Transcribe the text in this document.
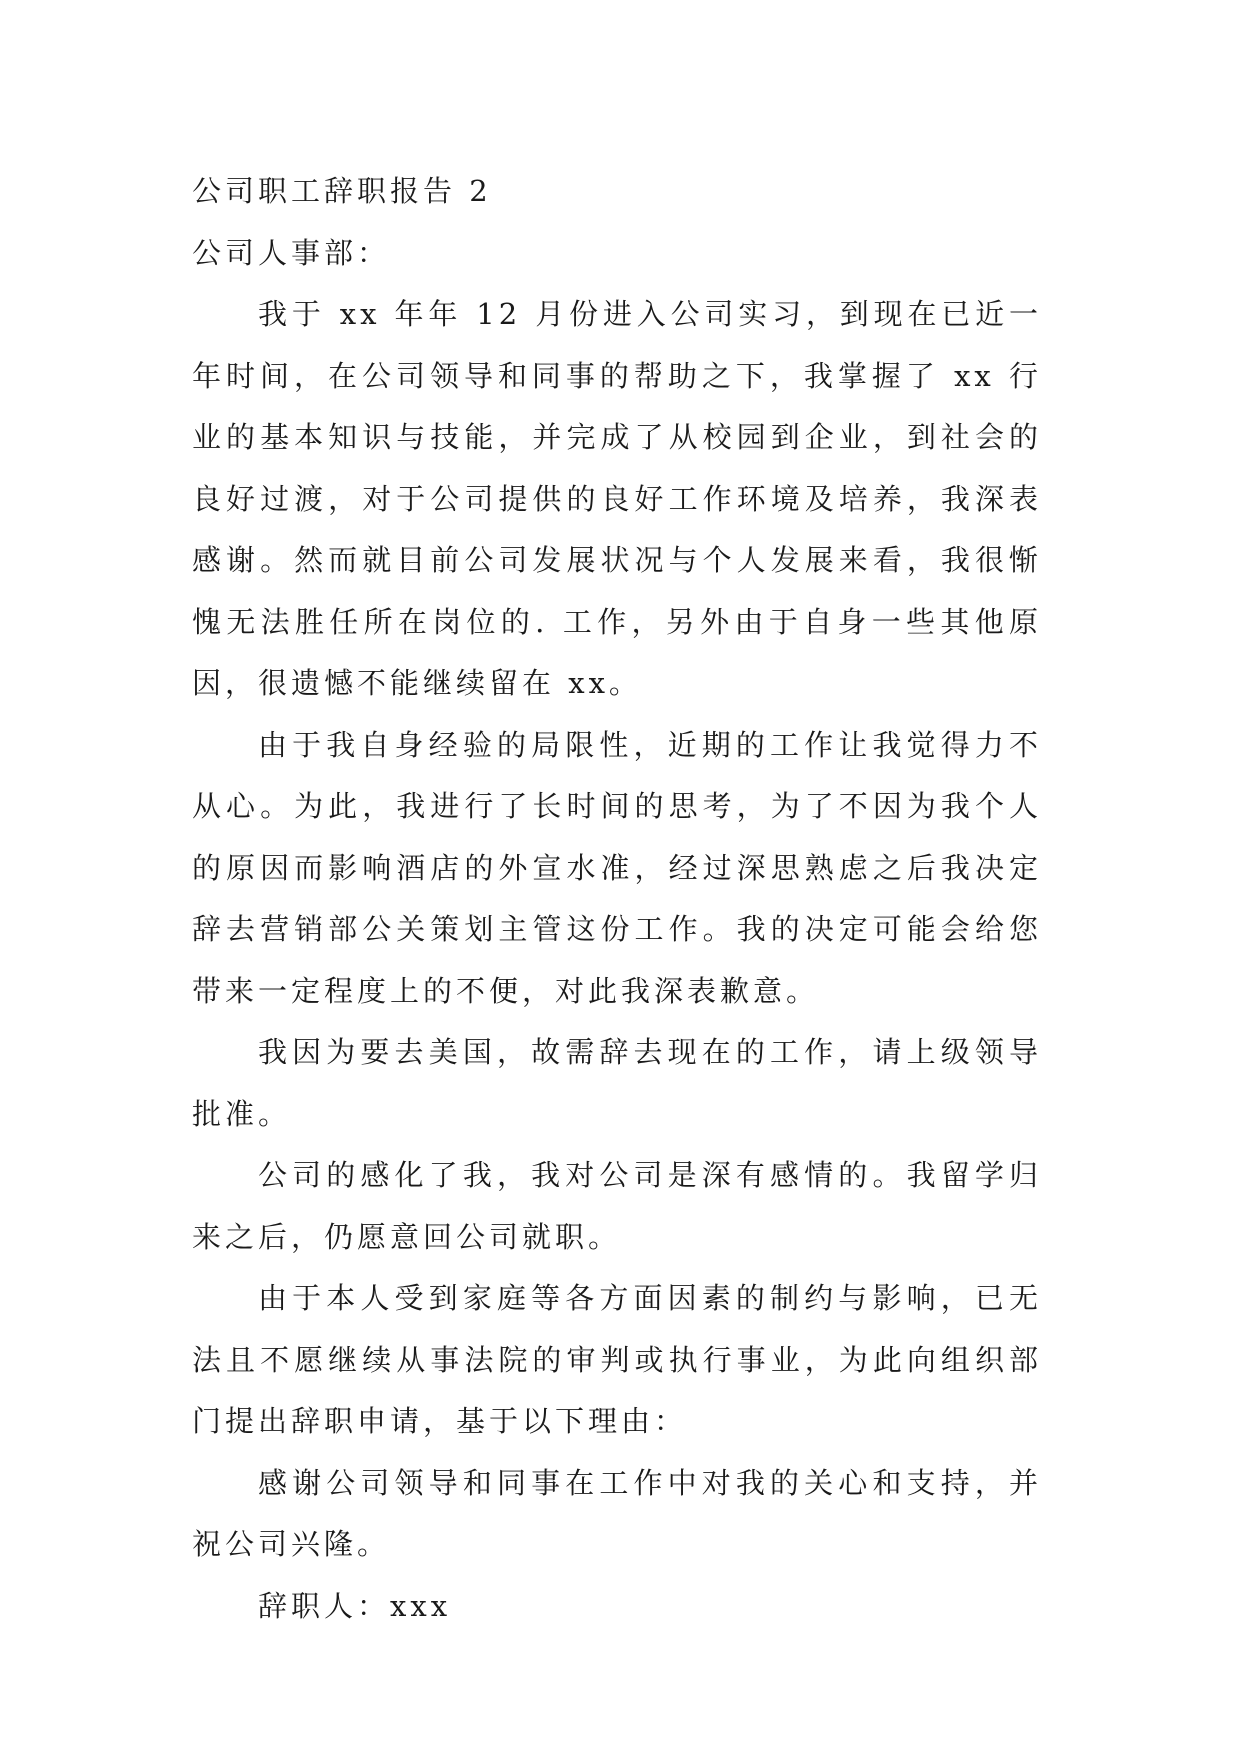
公司职工辞职报告 2

公司人事部：

我于 xx 年年 12 月份进入公司实习，到现在已近一年时间，在公司领导和同事的帮助之下，我掌握了 xx 行业的基本知识与技能，并完成了从校园到企业，到社会的良好过渡，对于公司提供的良好工作环境及培养，我深表感谢。然而就目前公司发展状况与个人发展来看，我很惭愧无法胜任所在岗位的. 工作，另外由于自身一些其他原因，很遗憾不能继续留在 xx。

由于我自身经验的局限性，近期的工作让我觉得力不从心。为此，我进行了长时间的思考，为了不因为我个人的原因而影响酒店的外宣水准，经过深思熟虑之后我决定辞去营销部公关策划主管这份工作。我的决定可能会给您带来一定程度上的不便，对此我深表歉意。

我因为要去美国，故需辞去现在的工作，请上级领导批准。

公司的感化了我，我对公司是深有感情的。我留学归来之后，仍愿意回公司就职。

由于本人受到家庭等各方面因素的制约与影响，已无法且不愿继续从事法院的审判或执行事业，为此向组织部门提出辞职申请，基于以下理由：

感谢公司领导和同事在工作中对我的关心和支持，并祝公司兴隆。

辞职人：xxx
